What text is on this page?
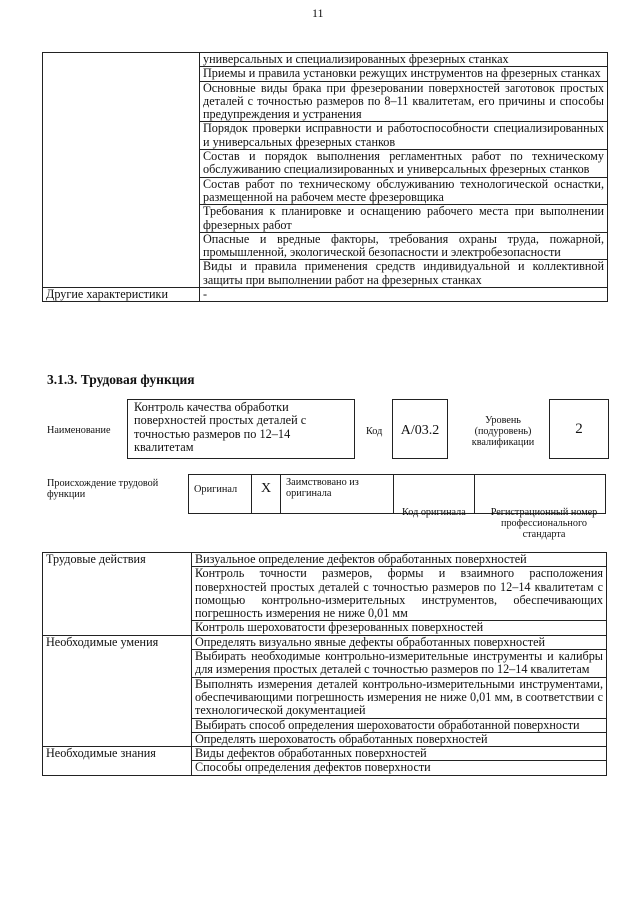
11
	универсальных и специализированных фрезерных станках
	Приемы и правила установки режущих инструментов на фрезерных станках
	Основные виды брака при фрезеровании поверхностей заготовок простых деталей с точностью размеров по 8–11 квалитетам, его причины и способы предупреждения и устранения
	Порядок проверки исправности и работоспособности специализированных и универсальных фрезерных станков
	Состав и порядок выполнения регламентных работ по техническому обслуживанию специализированных и универсальных фрезерных станков
	Состав работ по техническому обслуживанию технологической оснастки, размещенной на рабочем месте фрезеровщика
	Требования к планировке и оснащению рабочего места при выполнении фрезерных работ
	Опасные и вредные факторы, требования охраны труда, пожарной, промышленной, экологической безопасности и электробезопасности
	Виды и правила применения средств индивидуальной и коллективной защиты при выполнении работ на фрезерных станках
Другие характеристики	-
3.1.3. Трудовая функция
Наименование
Контроль качества обработки поверхностей простых деталей с точностью размеров по 12–14 квалитетам
Код	A/03.2
Уровень (подуровень) квалификации
2
Происхождение трудовой функции	Оригинал	X	Заимствовано из оригинала		
Код оригинала	Регистрационный номер профессионального стандарта
Трудовые действия	Визуальное определение дефектов обработанных поверхностей
	Контроль точности размеров, формы и взаимного расположения поверхностей простых деталей с точностью размеров по 12–14 квалитетам с помощью контрольно-измерительных инструментов, обеспечивающих погрешность измерения не ниже 0,01 мм
	Контроль шероховатости фрезерованных поверхностей
Необходимые умения	Определять визуально явные дефекты обработанных поверхностей
	Выбирать необходимые контрольно-измерительные инструменты и калибры для измерения простых деталей с точностью размеров по 12–14 квалитетам
	Выполнять измерения деталей контрольно-измерительными инструментами, обеспечивающими погрешность измерения не ниже 0,01 мм, в соответствии с технологической документацией
	Выбирать способ определения шероховатости обработанной поверхности
	Определять шероховатость обработанных поверхностей
Необходимые знания	Виды дефектов обработанных поверхностей
	Способы определения дефектов поверхности
